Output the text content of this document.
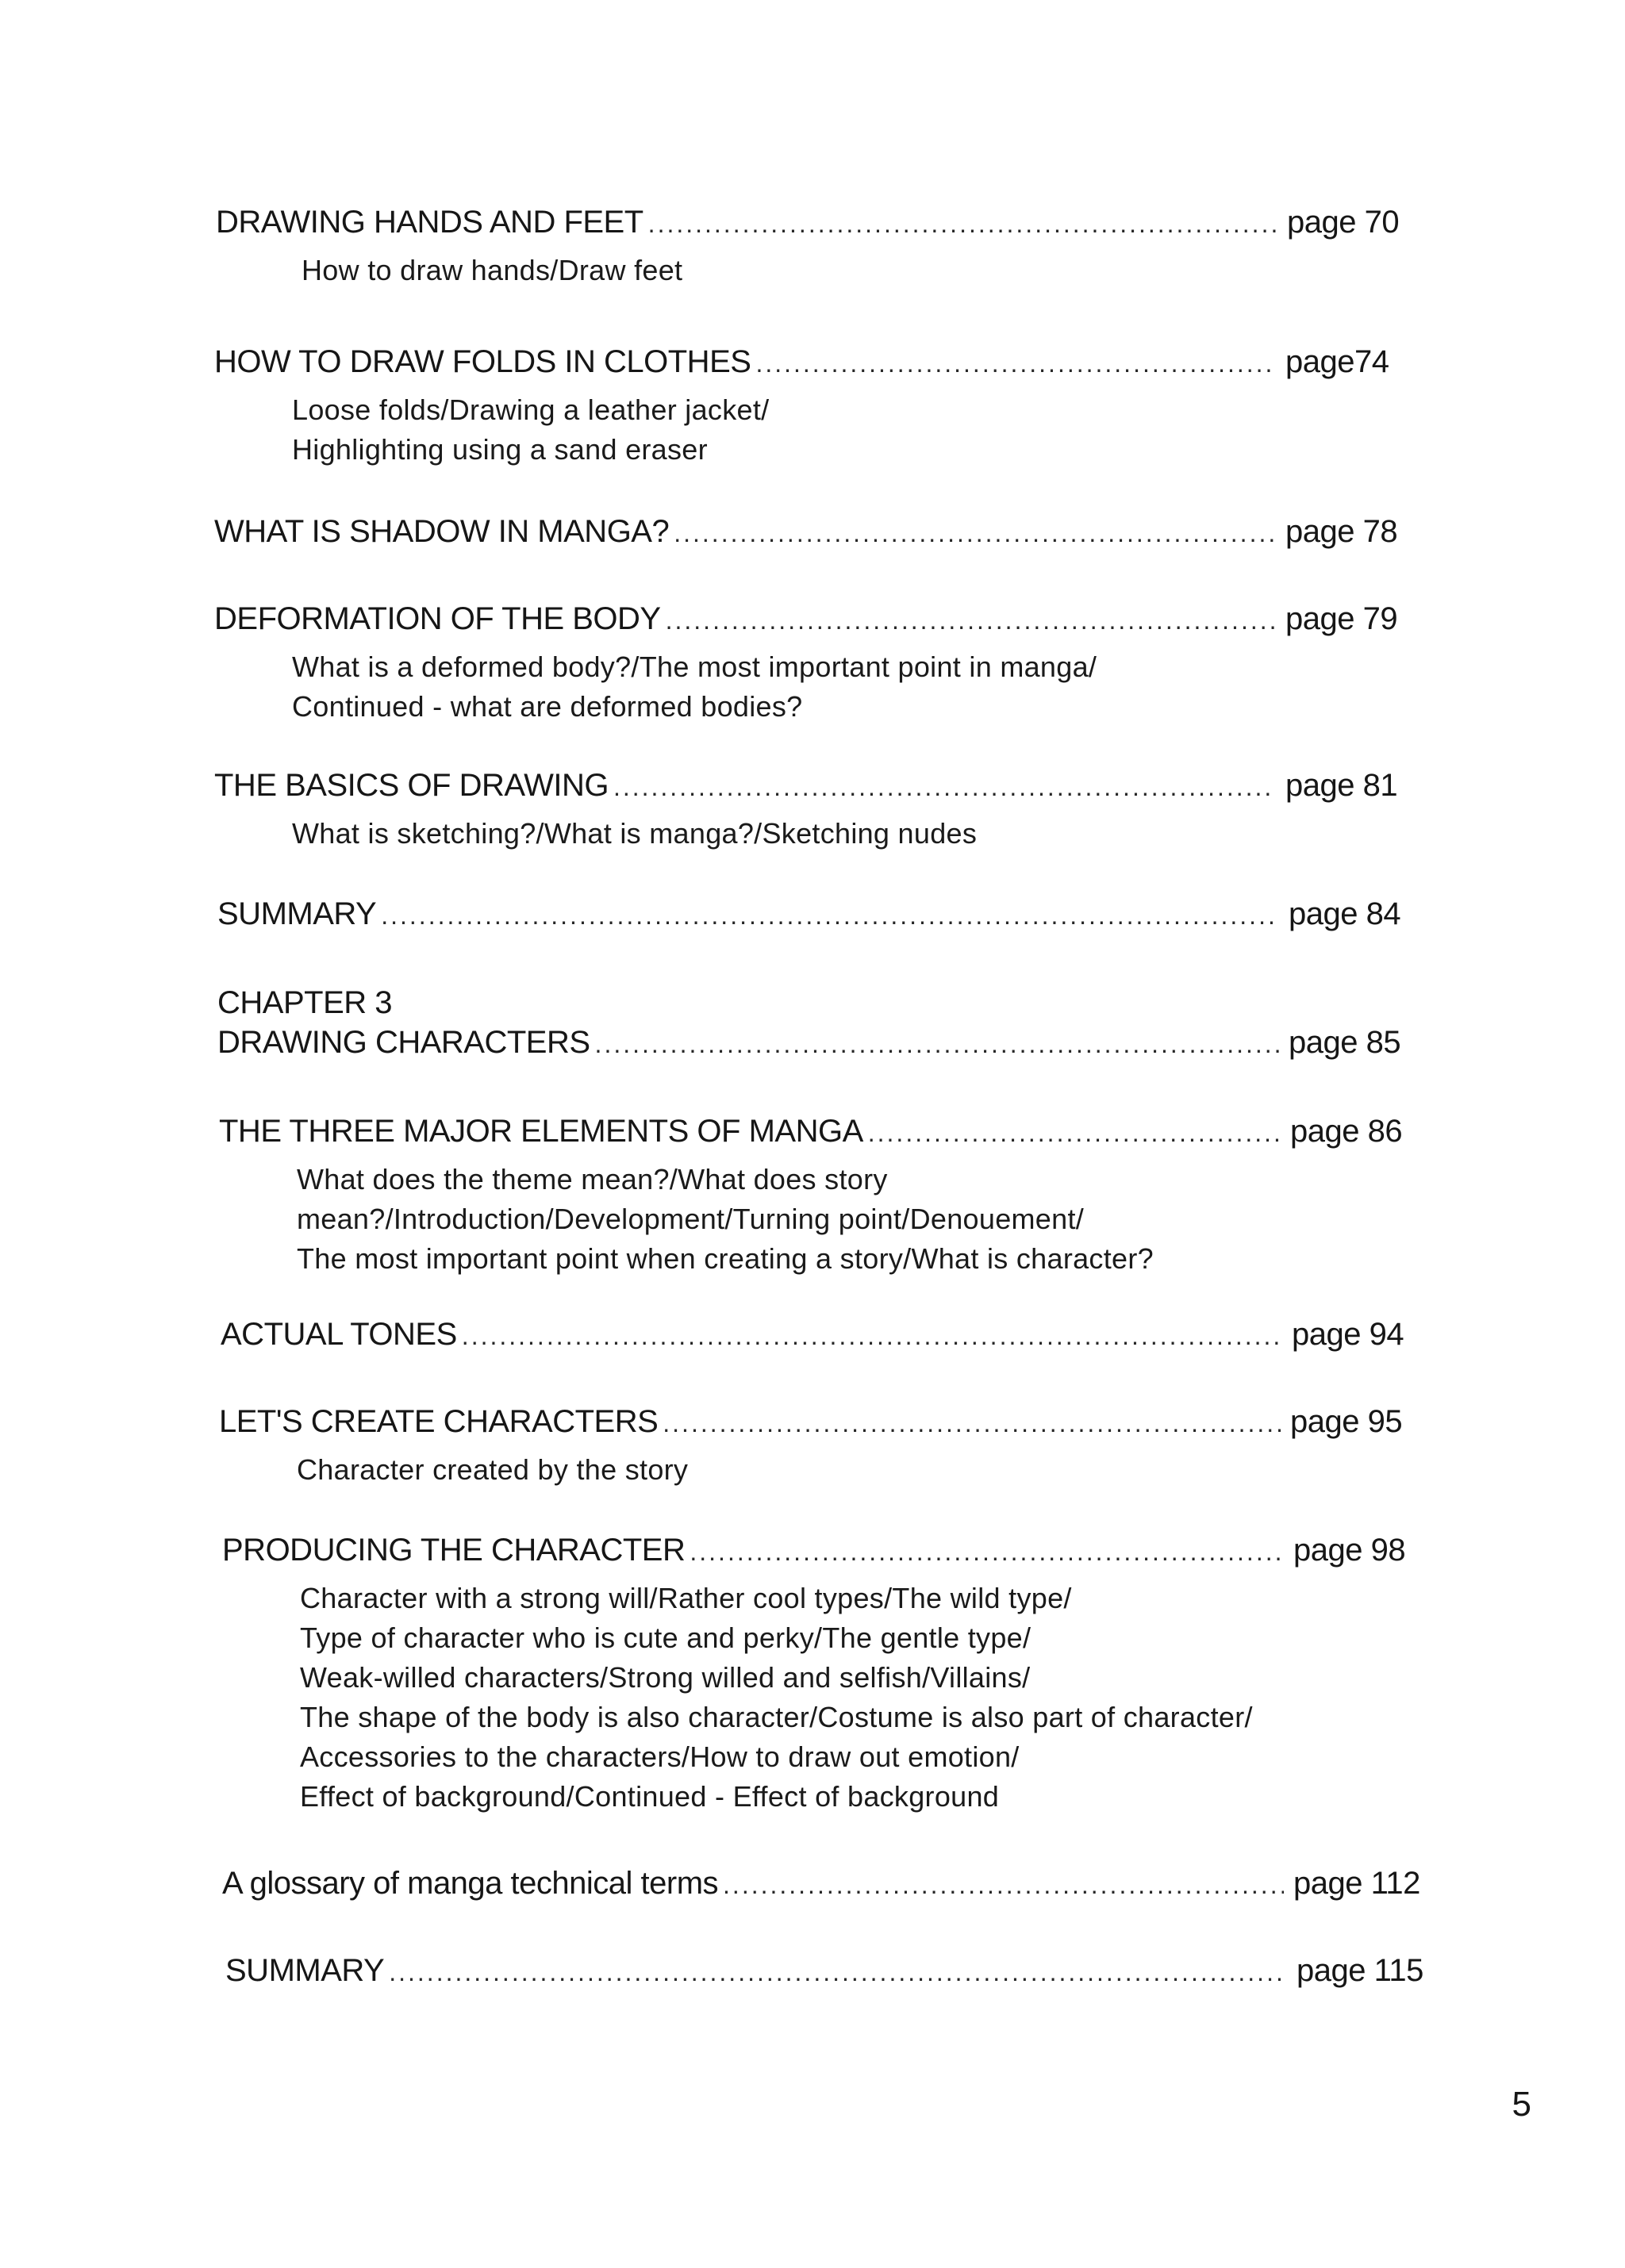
DRAWING HANDS AND FEET .....	page 70
How to draw hands/Draw feet
HOW TO DRAW FOLDS IN CLOTHES .....	page74
Loose folds/Drawing a leather jacket/
Highlighting using a sand eraser
WHAT IS SHADOW IN MANGA? .....	page 78
DEFORMATION OF THE BODY .....	page 79
What is a deformed body?/The most important point in manga/
Continued - what are deformed bodies?
THE BASICS OF DRAWING .....	page 81
What is sketching?/What is manga?/Sketching nudes
SUMMARY .....	page 84
CHAPTER 3
DRAWING CHARACTERS .....	page 85
THE THREE MAJOR ELEMENTS OF MANGA .....	page 86
What does the theme mean?/What does story
mean?/Introduction/Development/Turning point/Denouement/
The most important point when creating a story/What is character?
ACTUAL TONES .....	page 94
LET'S CREATE CHARACTERS .....	page 95
Character created by the story
PRODUCING THE CHARACTER .....	page 98
Character with a strong will/Rather cool types/The wild type/
Type of character who is cute and perky/The gentle type/
Weak-willed characters/Strong willed and selfish/Villains/
The shape of the body is also character/Costume is also part of character/
Accessories to the characters/How to draw out emotion/
Effect of background/Continued - Effect of background
A glossary of manga technical terms .....	page 112
SUMMARY .....	page 115
5
